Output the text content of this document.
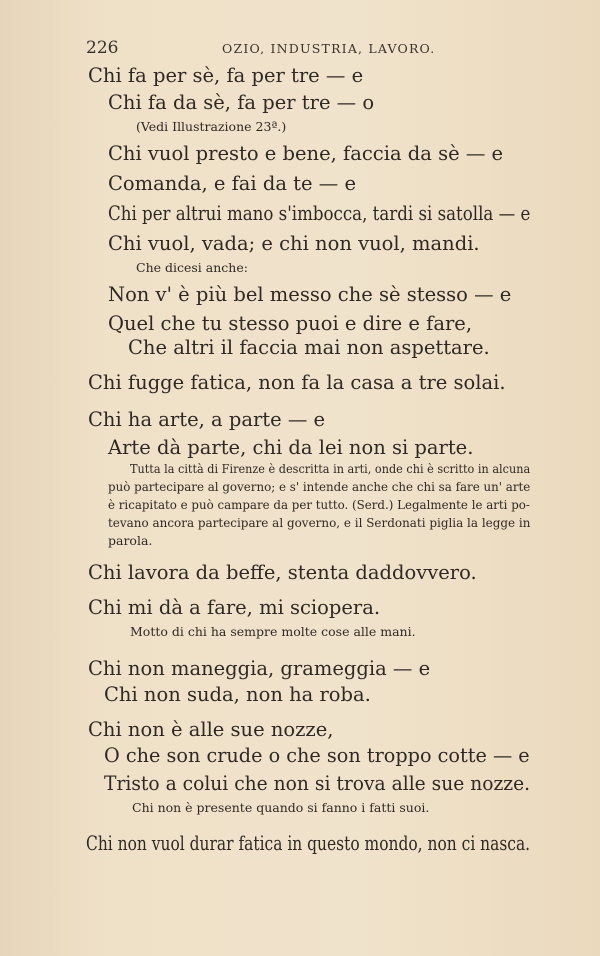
226	OZIO, INDUSTRIA, LAVORO.
Chi fa per sè, fa per tre — e
Chi fa da sè, fa per tre — o
(Vedi Illustrazione 23ª.)
Chi vuol presto e bene, faccia da sè — e
Comanda, e fai da te — e
Chi per altrui mano s'imbocca, tardi si satolla — e
Chi vuol, vada; e chi non vuol, mandi.
Che dicesi anche:
Non v' è più bel messo che sè stesso — e
Quel che tu stesso puoi e dire e fare,
Che altri il faccia mai non aspettare.
Chi fugge fatica, non fa la casa a tre solai.
Chi ha arte, a parte — e
Arte dà parte, chi da lei non si parte.
Tutta la città di Firenze è descritta in arti, onde chi è scritto in alcuna
può partecipare al governo; e s' intende anche che chi sa fare un' arte
è ricapitato e può campare da per tutto. (Serd.) Legalmente le arti po-
tevano ancora partecipare al governo, e il Serdonati piglia la legge in
parola.
Chi lavora da beffe, stenta daddovvero.
Chi mi dà a fare, mi sciopera.
Motto di chi ha sempre molte cose alle mani.
Chi non maneggia, grameggia — e
Chi non suda, non ha roba.
Chi non è alle sue nozze,
O che son crude o che son troppo cotte — e
Tristo a colui che non si trova alle sue nozze.
Chi non è presente quando si fanno i fatti suoi.
Chi non vuol durar fatica in questo mondo, non ci nasca.
